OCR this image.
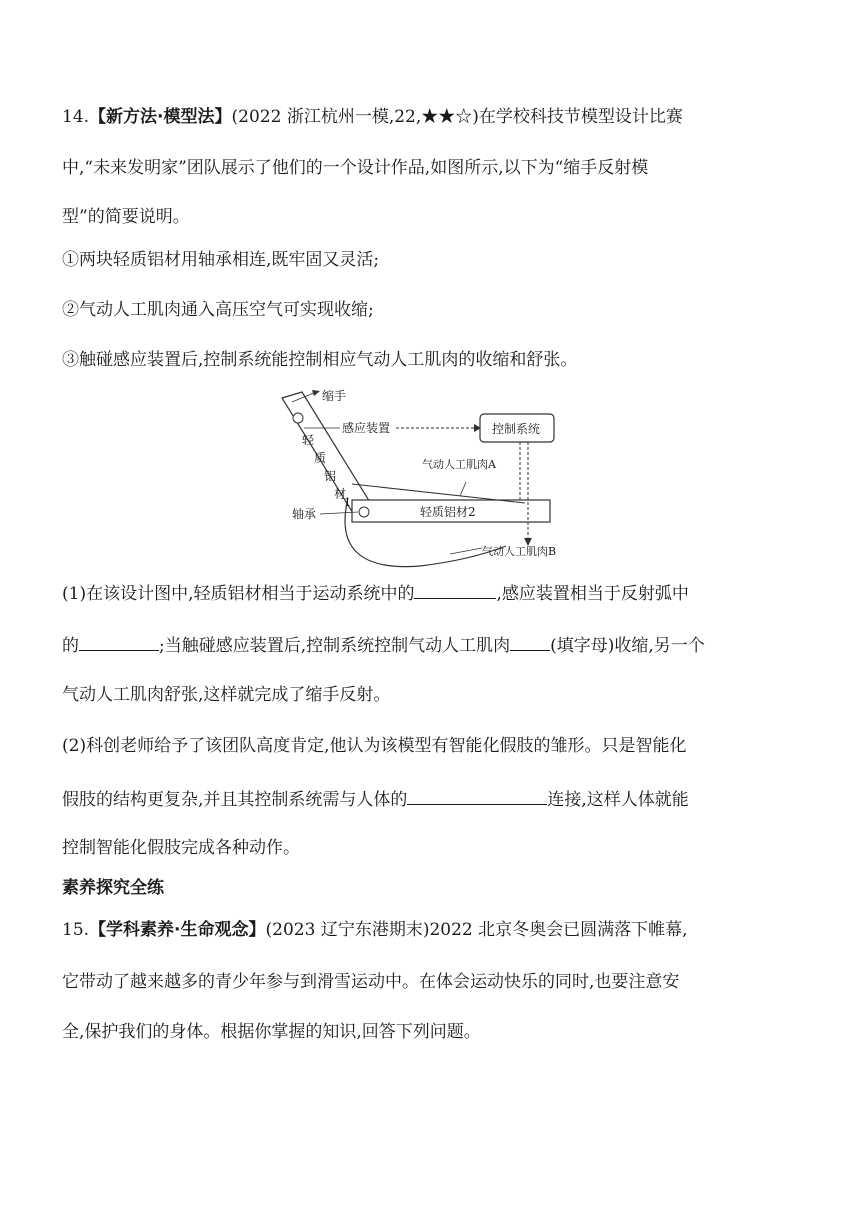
14.【新方法·模型法】(2022 浙江杭州一模,22,★★☆)在学校科技节模型设计比赛
中,“未来发明家”团队展示了他们的一个设计作品,如图所示,以下为“缩手反射模
型”的简要说明。
①两块轻质铝材用轴承相连,既牢固又灵活;
②气动人工肌肉通入高压空气可实现收缩;
③触碰感应装置后,控制系统能控制相应气动人工肌肉的收缩和舒张。
缩手
感应装置	控制系统
气动人工肌肉A
气动人工肌肉B
轴承
轻
质
铝
材
1
轻质铝材2
(1)在该设计图中,轻质铝材相当于运动系统中的	,感应装置相当于反射弧中
的	;当触碰感应装置后,控制系统控制气动人工肌肉 (填字母)收缩,另一个
气动人工肌肉舒张,这样就完成了缩手反射。
(2)科创老师给予了该团队高度肯定,他认为该模型有智能化假肢的雏形。只是智能化
假肢的结构更复杂,并且其控制系统需与人体的	连接,这样人体就能
控制智能化假肢完成各种动作。
素养探究全练
15.【学科素养·生命观念】(2023 辽宁东港期末)2022 北京冬奥会已圆满落下帷幕,
它带动了越来越多的青少年参与到滑雪运动中。在体会运动快乐的同时,也要注意安
全,保护我们的身体。根据你掌握的知识,回答下列问题。
